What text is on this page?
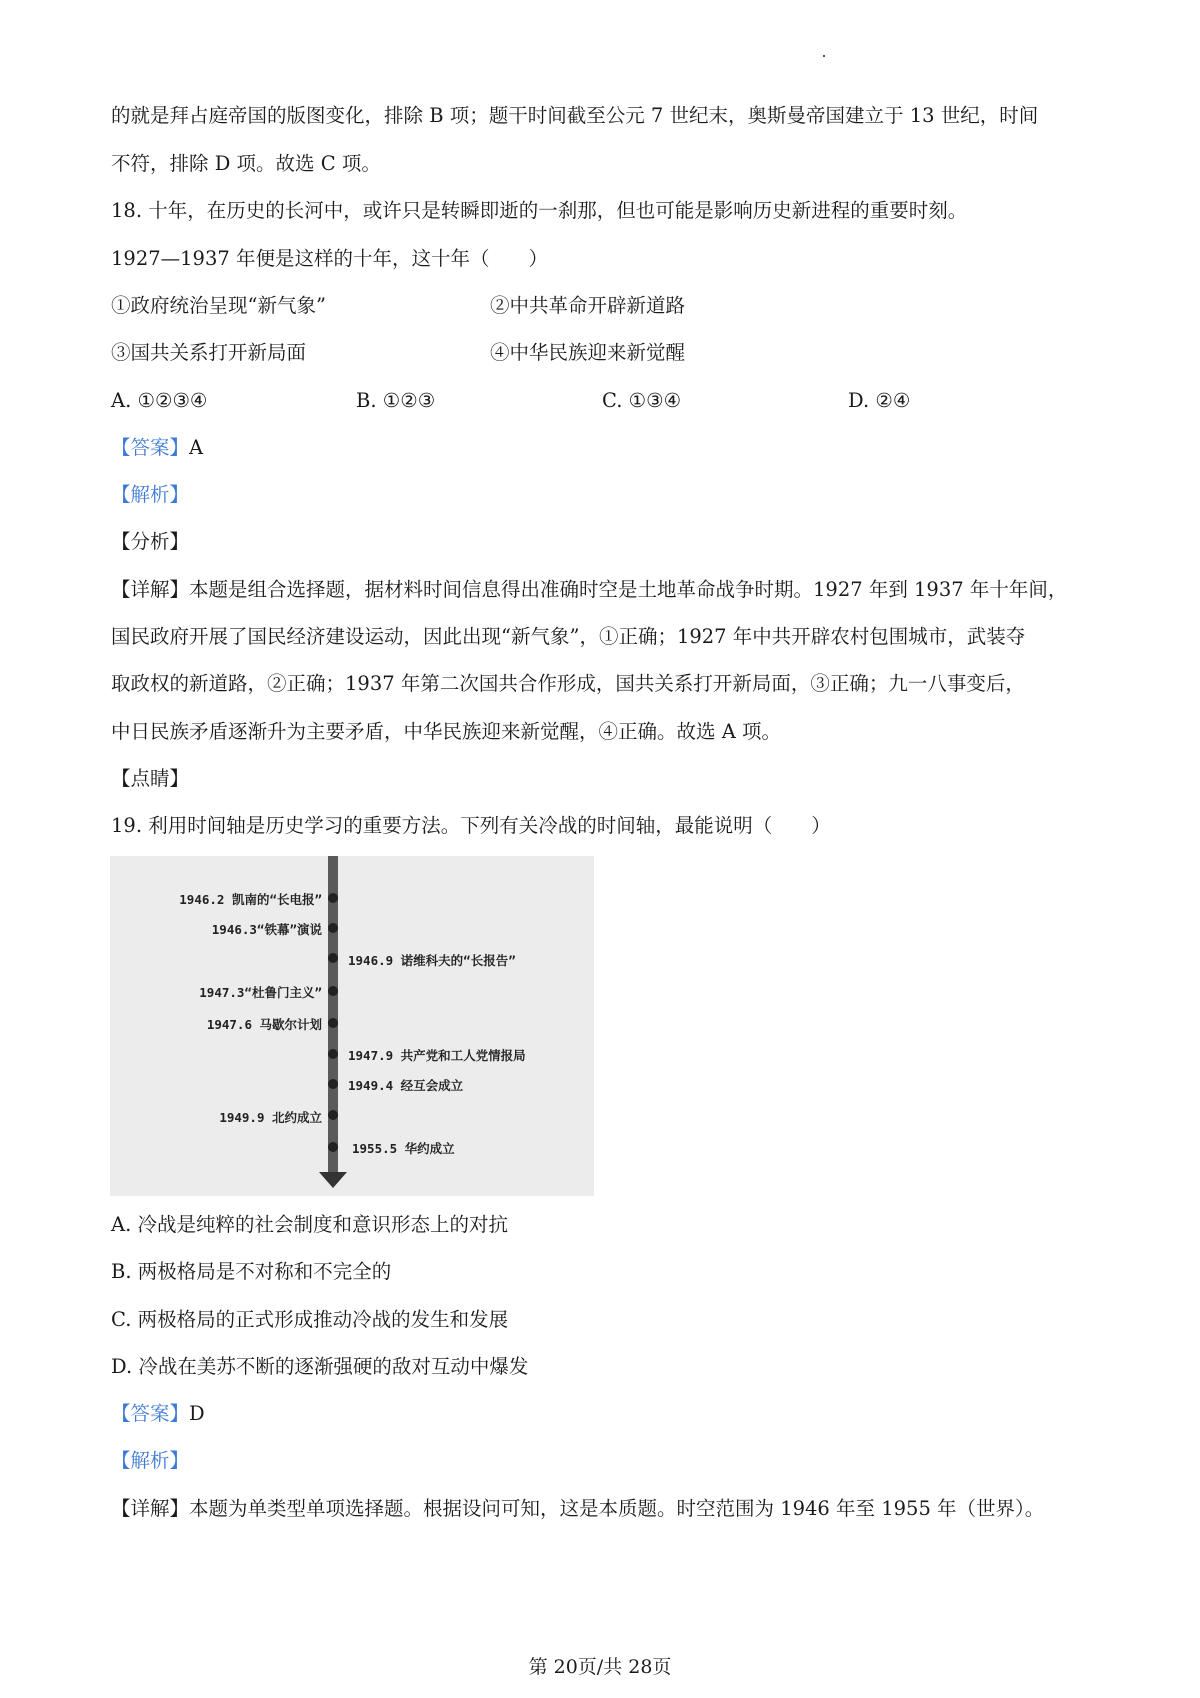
的就是拜占庭帝国的版图变化，排除 B 项；题干时间截至公元 7 世纪末，奥斯曼帝国建立于 13 世纪，时间
不符，排除 D 项。故选 C 项。
18. 十年，在历史的长河中，或许只是转瞬即逝的一刹那，但也可能是影响历史新进程的重要时刻。
1927—1937 年便是这样的十年，这十年（　　）
①政府统治呈现“新气象”	②中共革命开辟新道路
③国共关系打开新局面	④中华民族迎来新觉醒
A. ①②③④	B. ①②③	C. ①③④	D. ②④
【答案】A
【解析】
【分析】
【详解】本题是组合选择题，据材料时间信息得出准确时空是土地革命战争时期。1927 年到 1937 年十年间，
国民政府开展了国民经济建设运动，因此出现“新气象”，①正确；1927 年中共开辟农村包围城市，武装夺
取政权的新道路，②正确；1937 年第二次国共合作形成，国共关系打开新局面，③正确；九一八事变后，
中日民族矛盾逐渐升为主要矛盾，中华民族迎来新觉醒，④正确。故选 A 项。
【点睛】
19. 利用时间轴是历史学习的重要方法。下列有关冷战的时间轴，最能说明（　　）
1946.2 凯南的“长电报”
1946.3“铁幕”演说
1947.3“杜鲁门主义”
1947.6 马歇尔计划
1949.9 北约成立
1946.9 诺维科夫的“长报告”
1947.9 共产党和工人党情报局
1949.4 经互会成立
1955.5 华约成立
A. 冷战是纯粹的社会制度和意识形态上的对抗
B. 两极格局是不对称和不完全的
C. 两极格局的正式形成推动冷战的发生和发展
D. 冷战在美苏不断的逐渐强硬的敌对互动中爆发
【答案】D
【解析】
【详解】本题为单类型单项选择题。根据设问可知，这是本质题。时空范围为 1946 年至 1955 年（世界）。
第 20页/共 28页
